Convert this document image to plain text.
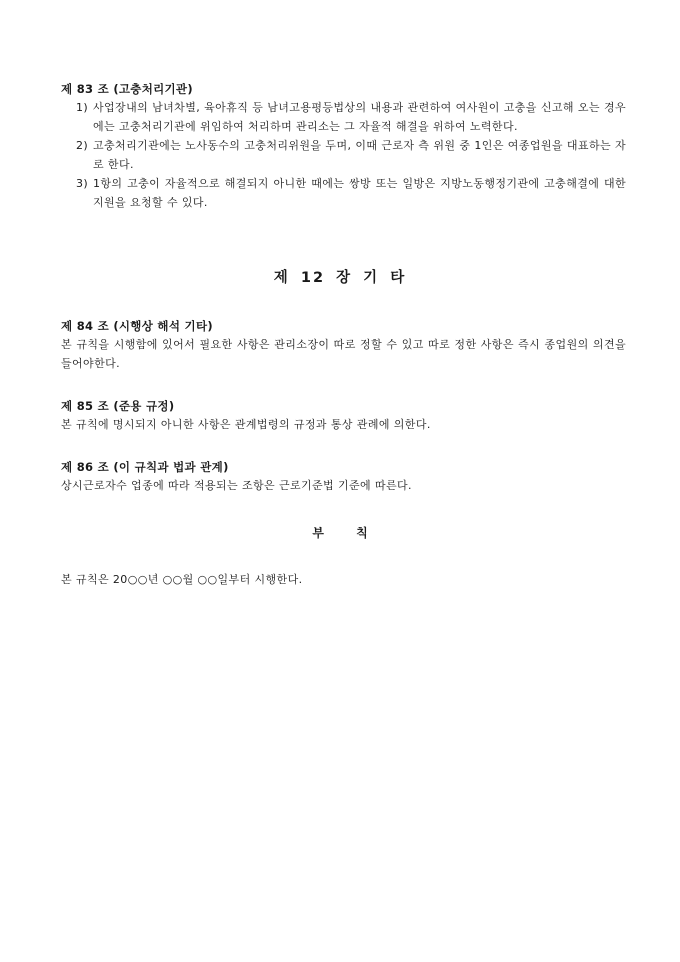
제 83 조 (고충처리기관)
1) 사업장내의 남녀차별, 육아휴직 등 남녀고용평등법상의 내용과 관련하여 여사원이 고충을 신고해 오는 경우에는 고충처리기관에 위임하여 처리하며 관리소는 그 자율적 해결을 위하여 노력한다.
2) 고충처리기관에는 노사동수의 고충처리위원을 두며, 이때 근로자 측 위원 중 1인은 여종업원을 대표하는 자로 한다.
3) 1항의 고충이 자율적으로 해결되지 아니한 때에는 쌍방 또는 일방은 지방노동행정기관에 고충해결에 대한 지원을 요청할 수 있다.
제 12 장 기 타
제 84 조 (시행상 해석 기타)
본 규칙을 시행함에 있어서 필요한 사항은 관리소장이 따로 정할 수 있고 따로 정한 사항은 즉시 종업원의 의견을 들어야한다.
제 85 조 (준용 규정)
본 규칙에 명시되지 아니한 사항은 관계법령의 규정과 통상 관례에 의한다.
제 86 조 (이 규칙과 법과 관계)
상시근로자수 업종에 따라 적용되는 조항은 근로기준법 기준에 따른다.
부 칙
본 규칙은 20○○년 ○○월 ○○일부터 시행한다.
